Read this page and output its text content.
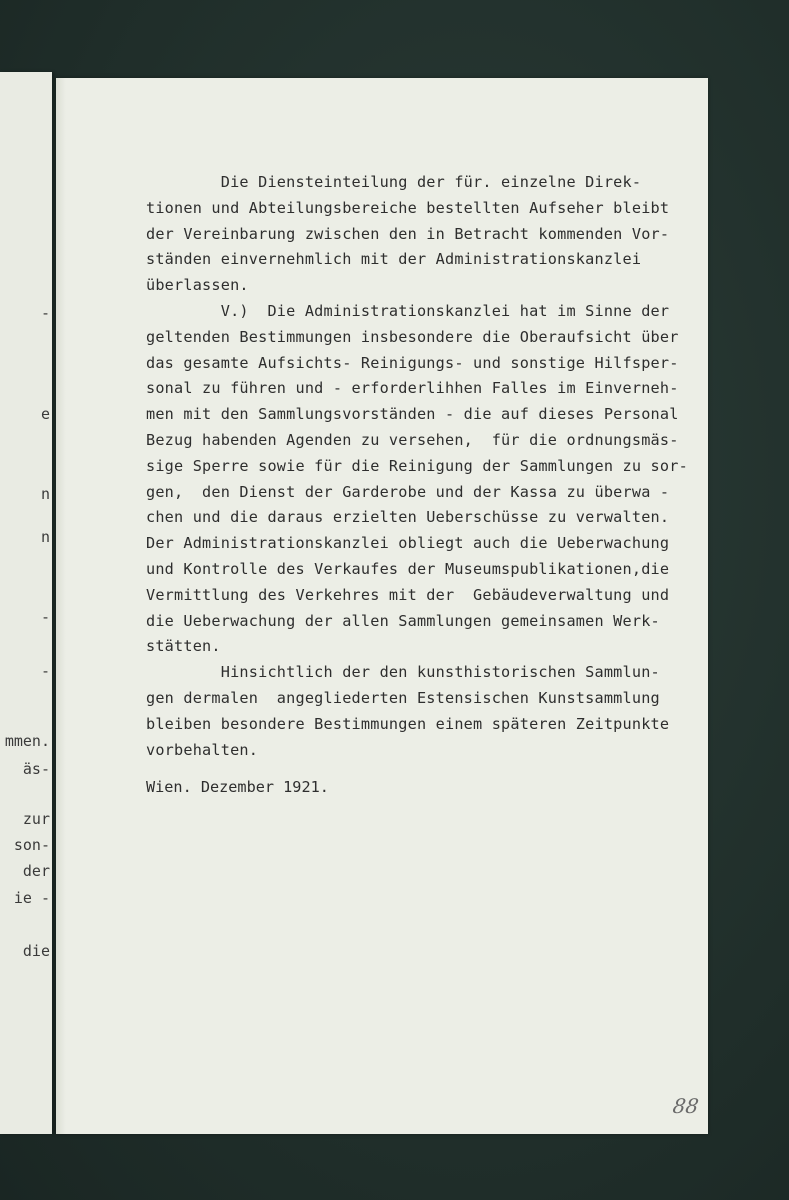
-
e
n
n
-
-
mmen.
äs-
zur
son-
der
ie -
die
Die Diensteinteilung der für. einzelne Direk-
tionen und Abteilungsbereiche bestellten Aufseher bleibt
der Vereinbarung zwischen den in Betracht kommenden Vor-
ständen einvernehmlich mit der Administrationskanzlei
überlassen.
V.)  Die Administrationskanzlei hat im Sinne der
geltenden Bestimmungen insbesondere die Oberaufsicht über
das gesamte Aufsichts- Reinigungs- und sonstige Hilfsper-
sonal zu führen und - erforderlihhen Falles im Einverneh-
men mit den Sammlungsvorständen - die auf dieses Personal
Bezug habenden Agenden zu versehen,  für die ordnungsmäs-
sige Sperre sowie für die Reinigung der Sammlungen zu sor-
gen,  den Dienst der Garderobe und der Kassa zu überwa -
chen und die daraus erzielten Ueberschüsse zu verwalten.
Der Administrationskanzlei obliegt auch die Ueberwachung
und Kontrolle des Verkaufes der Museumspublikationen,die
Vermittlung des Verkehres mit der  Gebäudeverwaltung und
die Ueberwachung der allen Sammlungen gemeinsamen Werk-
stätten.
Hinsichtlich der den kunsthistorischen Sammlun-
gen dermalen  angegliederten Estensischen Kunstsammlung
bleiben besondere Bestimmungen einem späteren Zeitpunkte
vorbehalten.
Wien. Dezember 1921.
88
